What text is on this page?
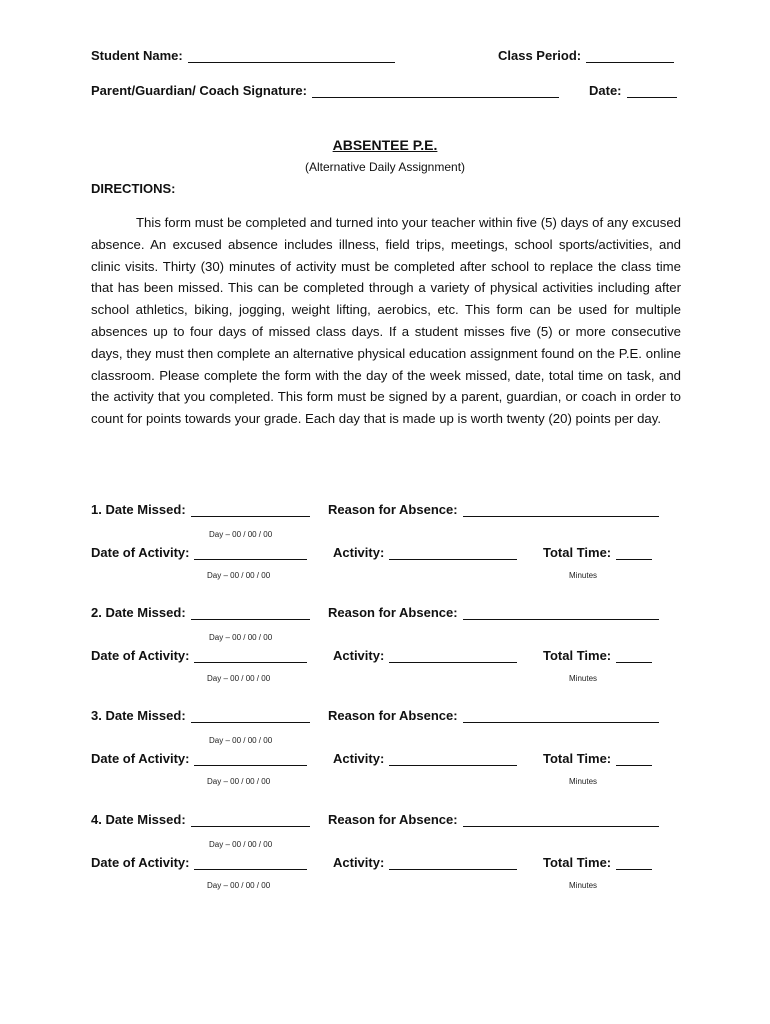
Student Name:	Class Period:
Parent/Guardian/ Coach Signature:	Date:
ABSENTEE P.E.
(Alternative Daily Assignment)
DIRECTIONS:

This form must be completed and turned into your teacher within five (5) days of any excused absence. An excused absence includes illness, field trips, meetings, school sports/activities, and clinic visits. Thirty (30) minutes of activity must be completed after school to replace the class time that has been missed. This can be completed through a variety of physical activities including after school athletics, biking, jogging, weight lifting, aerobics, etc. This form can be used for multiple absences up to four days of missed class days. If a student misses five (5) or more consecutive days, they must then complete an alternative physical education assignment found on the P.E. online classroom. Please complete the form with the day of the week missed, date, total time on task, and the activity that you completed. This form must be signed by a parent, guardian, or coach in order to count for points towards your grade. Each day that is made up is worth twenty (20) points per day.

1. Date Missed:	Reason for Absence:
Day – 00 / 00 / 00
Date of Activity:	Activity:	Total Time:
Day – 00 / 00 / 00	Minutes
2. Date Missed:	Reason for Absence:
Day – 00 / 00 / 00
Date of Activity:	Activity:	Total Time:
Day – 00 / 00 / 00	Minutes
3. Date Missed:	Reason for Absence:
Day – 00 / 00 / 00
Date of Activity:	Activity:	Total Time:
Day – 00 / 00 / 00	Minutes
4. Date Missed:	Reason for Absence:
Day – 00 / 00 / 00
Date of Activity:	Activity:	Total Time:
Day – 00 / 00 / 00	Minutes
